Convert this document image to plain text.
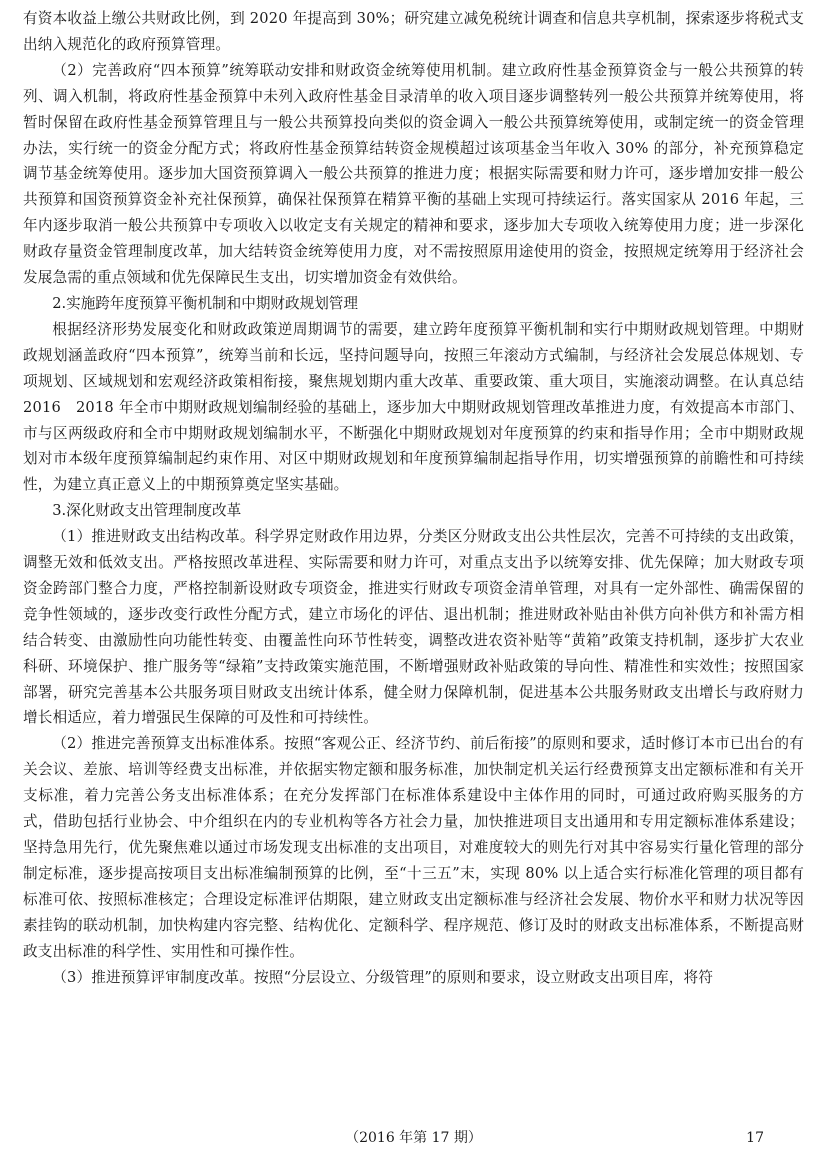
有资本收益上缴公共财政比例，到 2020 年提高到 30%；研究建立减免税统计调查和信息共享机制，探索逐步将税式支出纳入规范化的政府预算管理。

（2）完善政府“四本预算”统筹联动安排和财政资金统筹使用机制。建立政府性基金预算资金与一般公共预算的转列、调入机制，将政府性基金预算中未列入政府性基金目录清单的收入项目逐步调整转列一般公共预算并统筹使用，将暂时保留在政府性基金预算管理且与一般公共预算投向类似的资金调入一般公共预算统筹使用，或制定统一的资金管理办法，实行统一的资金分配方式；将政府性基金预算结转资金规模超过该项基金当年收入 30% 的部分，补充预算稳定调节基金统筹使用。逐步加大国资预算调入一般公共预算的推进力度；根据实际需要和财力许可，逐步增加安排一般公共预算和国资预算资金补充社保预算，确保社保预算在精算平衡的基础上实现可持续运行。落实国家从 2016 年起，三年内逐步取消一般公共预算中专项收入以收定支有关规定的精神和要求，逐步加大专项收入统筹使用力度；进一步深化财政存量资金管理制度改革，加大结转资金统筹使用力度，对不需按照原用途使用的资金，按照规定统筹用于经济社会发展急需的重点领域和优先保障民生支出，切实增加资金有效供给。

2.实施跨年度预算平衡机制和中期财政规划管理

根据经济形势发展变化和财政政策逆周期调节的需要，建立跨年度预算平衡机制和实行中期财政规划管理。中期财政规划涵盖政府“四本预算”，统筹当前和长远，坚持问题导向，按照三年滚动方式编制，与经济社会发展总体规划、专项规划、区域规划和宏观经济政策相衔接，聚焦规划期内重大改革、重要政策、重大项目，实施滚动调整。在认真总结 2016　2018 年全市中期财政规划编制经验的基础上，逐步加大中期财政规划管理改革推进力度，有效提高本市部门、市与区两级政府和全市中期财政规划编制水平，不断强化中期财政规划对年度预算的约束和指导作用；全市中期财政规划对市本级年度预算编制起约束作用、对区中期财政规划和年度预算编制起指导作用，切实增强预算的前瞻性和可持续性，为建立真正意义上的中期预算奠定坚实基础。

3.深化财政支出管理制度改革

（1）推进财政支出结构改革。科学界定财政作用边界，分类区分财政支出公共性层次，完善不可持续的支出政策，调整无效和低效支出。严格按照改革进程、实际需要和财力许可，对重点支出予以统筹安排、优先保障；加大财政专项资金跨部门整合力度，严格控制新设财政专项资金，推进实行财政专项资金清单管理，对具有一定外部性、确需保留的竞争性领域的，逐步改变行政性分配方式，建立市场化的评估、退出机制；推进财政补贴由补供方向补供方和补需方相结合转变、由激励性向功能性转变、由覆盖性向环节性转变，调整改进农资补贴等“黄箱”政策支持机制，逐步扩大农业科研、环境保护、推广服务等“绿箱”支持政策实施范围，不断增强财政补贴政策的导向性、精准性和实效性；按照国家部署，研究完善基本公共服务项目财政支出统计体系，健全财力保障机制，促进基本公共服务财政支出增长与政府财力增长相适应，着力增强民生保障的可及性和可持续性。

（2）推进完善预算支出标准体系。按照“客观公正、经济节约、前后衔接”的原则和要求，适时修订本市已出台的有关会议、差旅、培训等经费支出标准，并依据实物定额和服务标准，加快制定机关运行经费预算支出定额标准和有关开支标准，着力完善公务支出标准体系；在充分发挥部门在标准体系建设中主体作用的同时，可通过政府购买服务的方式，借助包括行业协会、中介组织在内的专业机构等各方社会力量，加快推进项目支出通用和专用定额标准体系建设；坚持急用先行，优先聚焦难以通过市场发现支出标准的支出项目，对难度较大的则先行对其中容易实行量化管理的部分制定标准，逐步提高按项目支出标准编制预算的比例，至“十三五”末，实现 80% 以上适合实行标准化管理的项目都有标准可依、按照标准核定；合理设定标准评估期限，建立财政支出定额标准与经济社会发展、物价水平和财力状况等因素挂钩的联动机制，加快构建内容完整、结构优化、定额科学、程序规范、修订及时的财政支出标准体系，不断提高财政支出标准的科学性、实用性和可操作性。

（3）推进预算评审制度改革。按照“分层设立、分级管理”的原则和要求，设立财政支出项目库，将符

（2016 年第 17 期）	17
